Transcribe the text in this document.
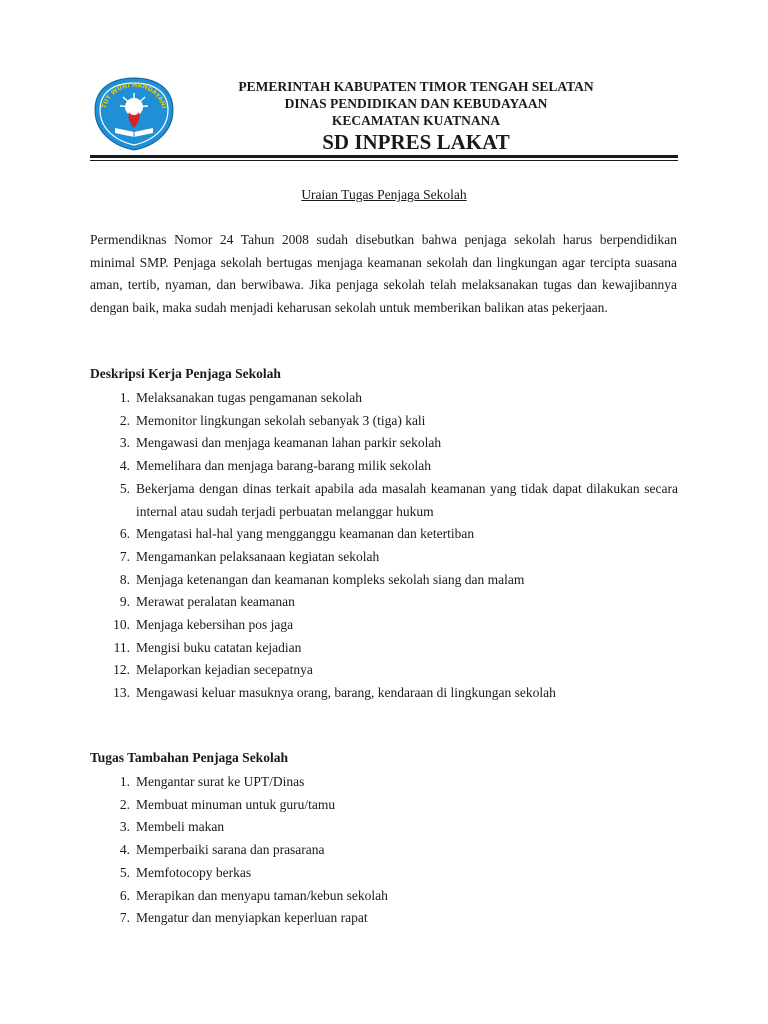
TUT WURI HANDAYANI
PEMERINTAH KABUPATEN TIMOR TENGAH SELATAN
DINAS PENDIDIKAN DAN KEBUDAYAAN
KECAMATAN KUATNANA
SD INPRES LAKAT
Uraian Tugas Penjaga Sekolah

Permendiknas Nomor 24 Tahun 2008 sudah disebutkan bahwa penjaga sekolah harus berpendidikan minimal SMP. Penjaga sekolah bertugas menjaga keamanan sekolah dan lingkungan agar tercipta suasana aman, tertib, nyaman, dan berwibawa. Jika penjaga sekolah telah melaksanakan tugas dan kewajibannya dengan baik, maka sudah menjadi keharusan sekolah untuk memberikan balikan atas pekerjaan.

Deskripsi Kerja Penjaga Sekolah
1. Melaksanakan tugas pengamanan sekolah
2. Memonitor lingkungan sekolah sebanyak 3 (tiga) kali
3. Mengawasi dan menjaga keamanan lahan parkir sekolah
4. Memelihara dan menjaga barang-barang milik sekolah
5. Bekerjama dengan dinas terkait apabila ada masalah keamanan yang tidak dapat dilakukan secara internal atau sudah terjadi perbuatan melanggar hukum
6. Mengatasi hal-hal yang mengganggu keamanan dan ketertiban
7. Mengamankan pelaksanaan kegiatan sekolah
8. Menjaga ketenangan dan keamanan kompleks sekolah siang dan malam
9. Merawat peralatan keamanan
10. Menjaga kebersihan pos jaga
11. Mengisi buku catatan kejadian
12. Melaporkan kejadian secepatnya
13. Mengawasi keluar masuknya orang, barang, kendaraan di lingkungan sekolah
Tugas Tambahan Penjaga Sekolah
1. Mengantar surat ke UPT/Dinas
2. Membuat minuman untuk guru/tamu
3. Membeli makan
4. Memperbaiki sarana dan prasarana
5. Memfotocopy berkas
6. Merapikan dan menyapu taman/kebun sekolah
7. Mengatur dan menyiapkan keperluan rapat
